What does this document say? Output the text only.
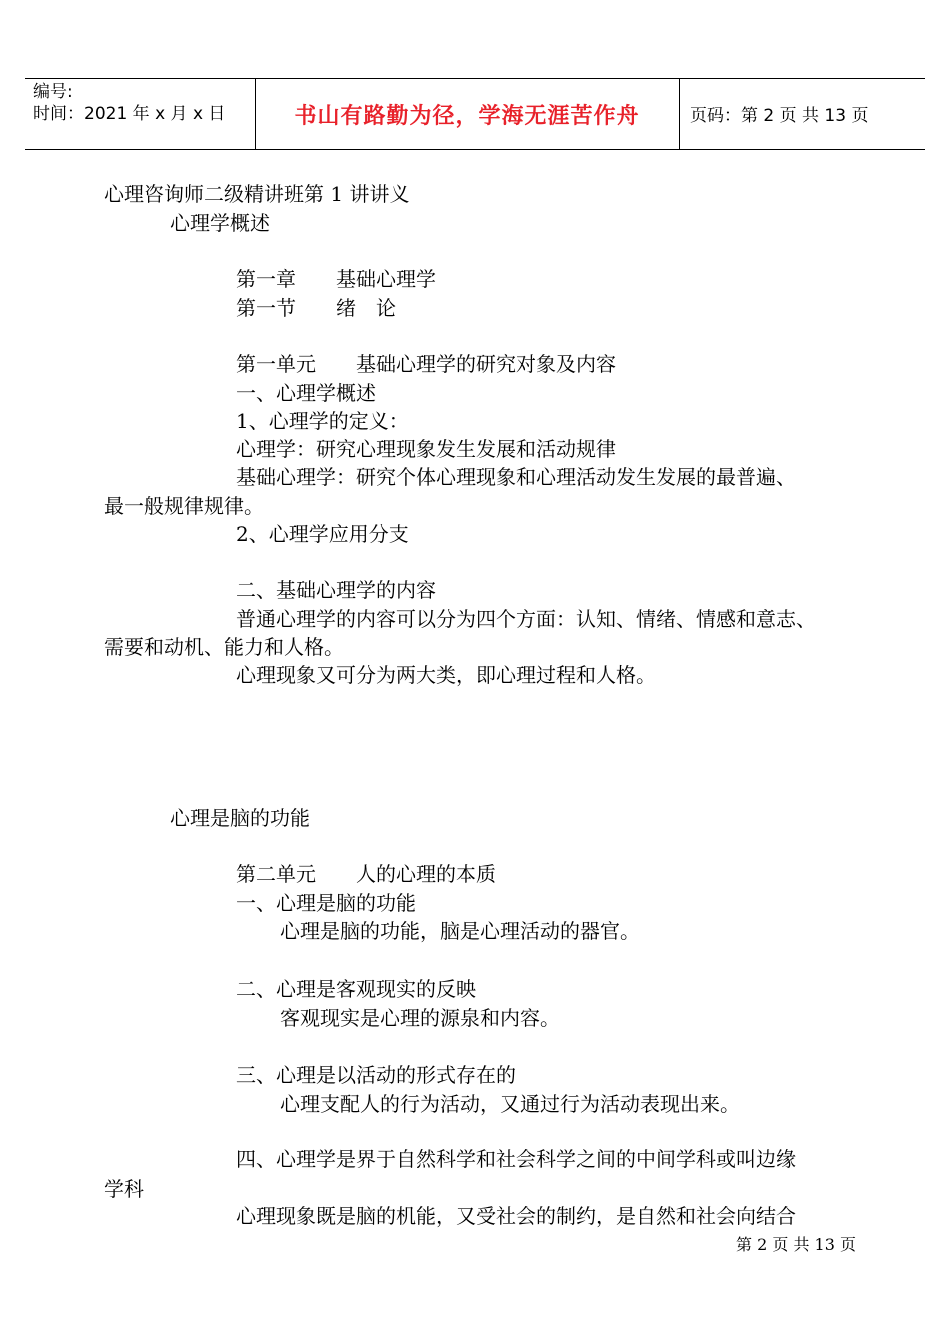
编号:
时间：2021 年 x 月 x 日	书山有路勤为径，学海无涯苦作舟	页码：第 2 页 共 13 页
心理咨询师二级精讲班第 1 讲讲义
心理学概述
第一章　　基础心理学
第一节　　绪　论
第一单元　　基础心理学的研究对象及内容
一、心理学概述
1、心理学的定义：
心理学：研究心理现象发生发展和活动规律
基础心理学：研究个体心理现象和心理活动发生发展的最普遍、
最一般规律规律。
2、心理学应用分支
二、基础心理学的内容
普通心理学的内容可以分为四个方面：认知、情绪、情感和意志、
需要和动机、能力和人格。
心理现象又可分为两大类，即心理过程和人格。
心理是脑的功能
第二单元　　人的心理的本质
一、心理是脑的功能
心理是脑的功能，脑是心理活动的器官。
二、心理是客观现实的反映
客观现实是心理的源泉和内容。
三、心理是以活动的形式存在的
心理支配人的行为活动，又通过行为活动表现出来。
四、心理学是界于自然科学和社会科学之间的中间学科或叫边缘
学科
心理现象既是脑的机能，又受社会的制约，是自然和社会向结合
第 2 页 共 13 页
